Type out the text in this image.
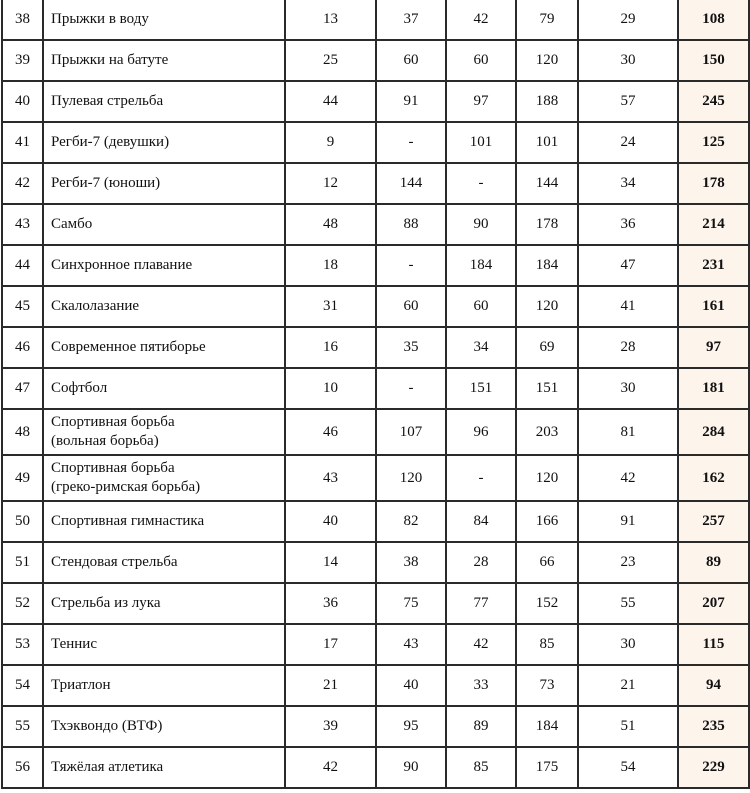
38	Прыжки в воду	13	37	42	79	29	108
39	Прыжки на батуте	25	60	60	120	30	150
40	Пулевая стрельба	44	91	97	188	57	245
41	Регби-7 (девушки)	9	-	101	101	24	125
42	Регби-7 (юноши)	12	144	-	144	34	178
43	Самбо	48	88	90	178	36	214
44	Синхронное плавание	18	-	184	184	47	231
45	Скалолазание	31	60	60	120	41	161
46	Современное пятиборье	16	35	34	69	28	97
47	Софтбол	10	-	151	151	30	181
48	Спортивная борьба
(вольная борьба)	46	107	96	203	81	284
49	Спортивная борьба
(греко-римская борьба)	43	120	-	120	42	162
50	Спортивная гимнастика	40	82	84	166	91	257
51	Стендовая стрельба	14	38	28	66	23	89
52	Стрельба из лука	36	75	77	152	55	207
53	Теннис	17	43	42	85	30	115
54	Триатлон	21	40	33	73	21	94
55	Тхэквондо (ВТФ)	39	95	89	184	51	235
56	Тяжёлая атлетика	42	90	85	175	54	229
